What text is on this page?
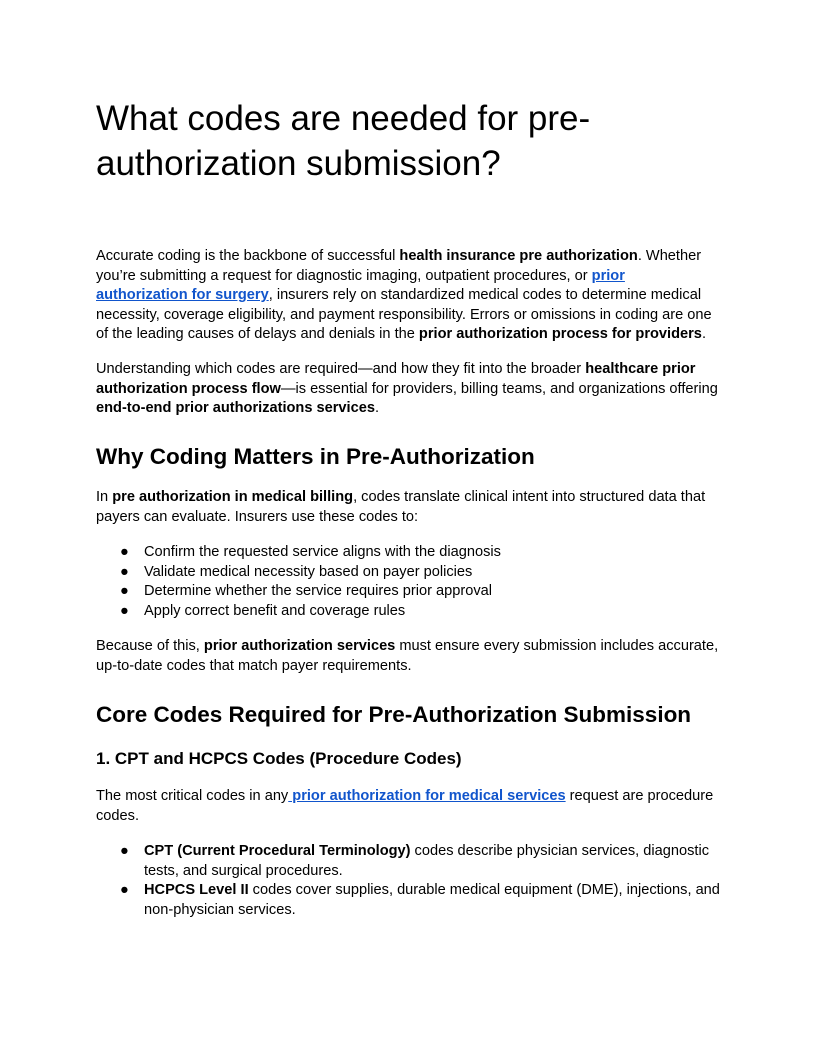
What codes are needed for pre-authorization submission?

Accurate coding is the backbone of successful health insurance pre authorization. Whether you’re submitting a request for diagnostic imaging, outpatient procedures, or prior authorization for surgery, insurers rely on standardized medical codes to determine medical necessity, coverage eligibility, and payment responsibility. Errors or omissions in coding are one of the leading causes of delays and denials in the prior authorization process for providers.

Understanding which codes are required—and how they fit into the broader healthcare prior authorization process flow—is essential for providers, billing teams, and organizations offering end-to-end prior authorizations services.

Why Coding Matters in Pre-Authorization

In pre authorization in medical billing, codes translate clinical intent into structured data that payers can evaluate. Insurers use these codes to:

● Confirm the requested service aligns with the diagnosis
● Validate medical necessity based on payer policies
● Determine whether the service requires prior approval
● Apply correct benefit and coverage rules

Because of this, prior authorization services must ensure every submission includes accurate, up-to-date codes that match payer requirements.

Core Codes Required for Pre-Authorization Submission
1. CPT and HCPCS Codes (Procedure Codes)

The most critical codes in any prior authorization for medical services request are procedure codes.

● CPT (Current Procedural Terminology) codes describe physician services, diagnostic tests, and surgical procedures.
● HCPCS Level II codes cover supplies, durable medical equipment (DME), injections, and non-physician services.
